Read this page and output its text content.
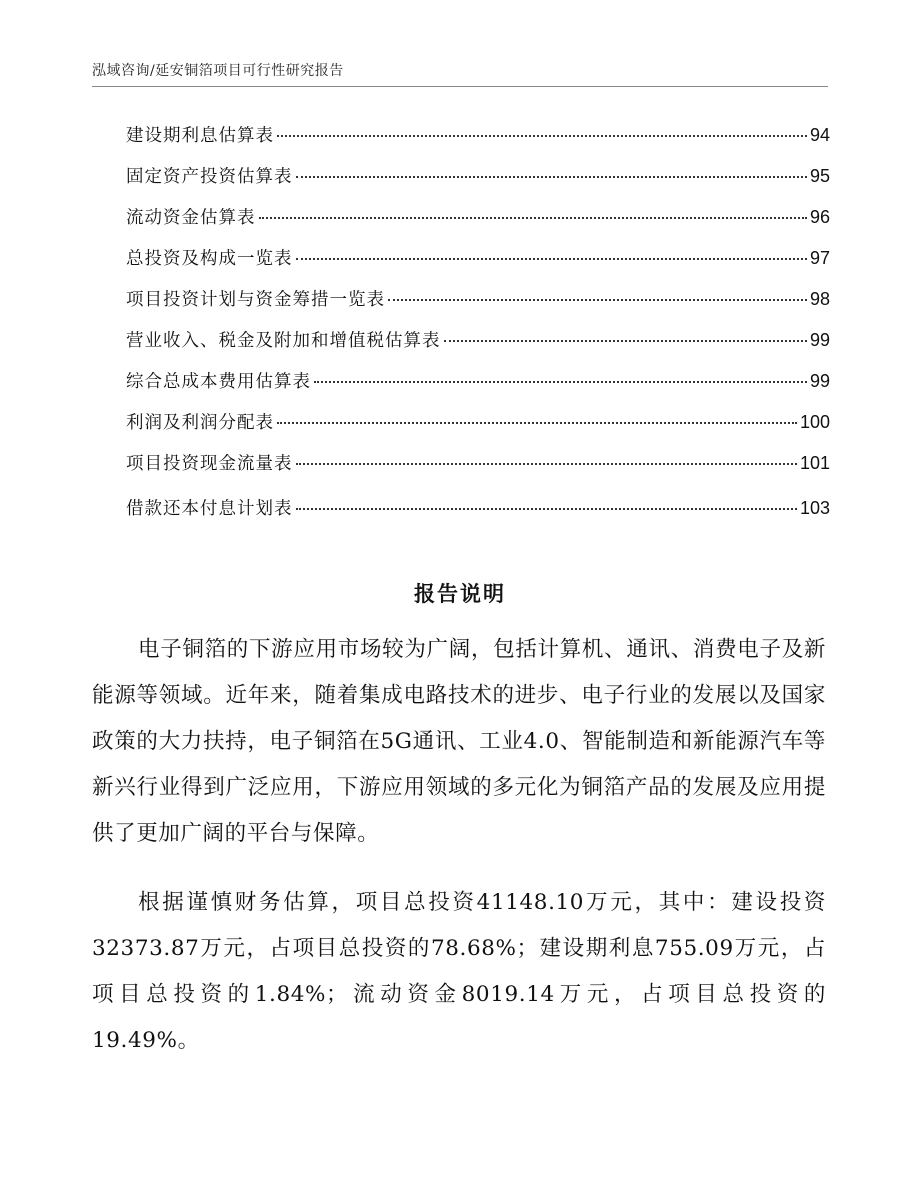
泓域咨询/延安铜箔项目可行性研究报告
建设期利息估算表	94
固定资产投资估算表	95
流动资金估算表	96
总投资及构成一览表	97
项目投资计划与资金筹措一览表	98
营业收入、税金及附加和增值税估算表	99
综合总成本费用估算表	99
利润及利润分配表	100
项目投资现金流量表	101
借款还本付息计划表	103
报告说明

电子铜箔的下游应用市场较为广阔，包括计算机、通讯、消费电子及新能源等领域。近年来，随着集成电路技术的进步、电子行业的发展以及国家政策的大力扶持，电子铜箔在5G通讯、工业4.0、智能制造和新能源汽车等新兴行业得到广泛应用，下游应用领域的多元化为铜箔产品的发展及应用提供了更加广阔的平台与保障。

根据谨慎财务估算，项目总投资41148.10万元，其中：建设投资32373.87万元，占项目总投资的78.68%；建设期利息755.09万元，占项目总投资的1.84%；流动资金8019.14万元，占项目总投资的19.49%。
